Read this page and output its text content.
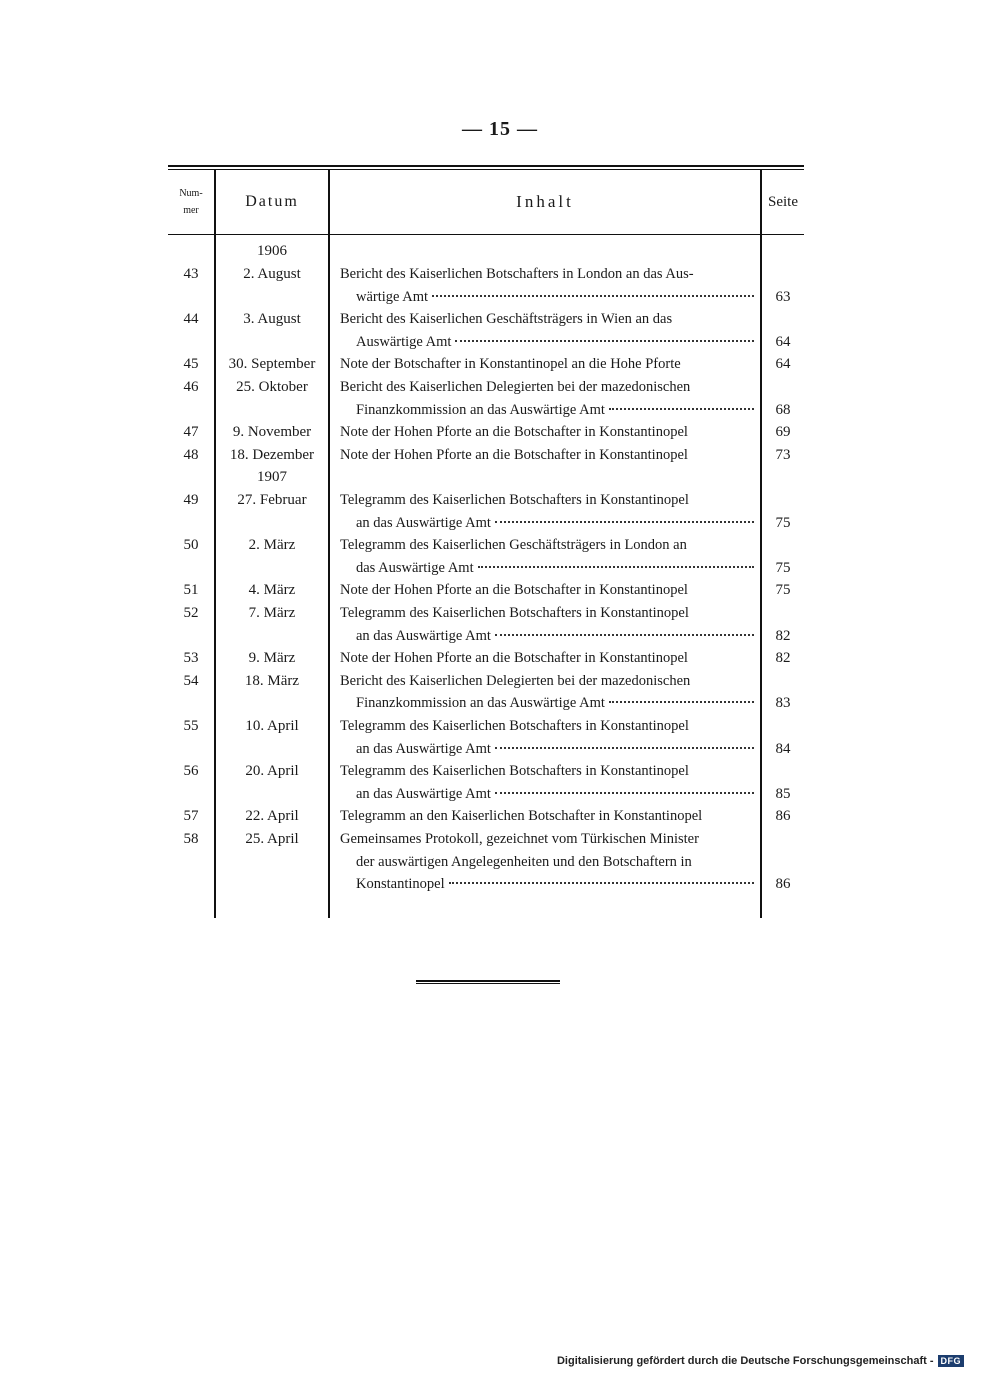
— 15 —
Num-
mer
Datum	Inhalt	Seite
1906
43	2. August	Bericht des Kaiserlichen Botschafters in London an das Aus-
wärtige Amt	63
44	3. August	Bericht des Kaiserlichen Geschäftsträgers in Wien an das
Auswärtige Amt	64
45	30. September	Note der Botschafter in Konstantinopel an die Hohe Pforte	64
46	25. Oktober	Bericht des Kaiserlichen Delegierten bei der mazedonischen
Finanzkommission an das Auswärtige Amt	68
47	9. November	Note der Hohen Pforte an die Botschafter in Konstantinopel	69
48	18. Dezember	Note der Hohen Pforte an die Botschafter in Konstantinopel	73
1907
49	27. Februar	Telegramm des Kaiserlichen Botschafters in Konstantinopel
an das Auswärtige Amt	75
50	2. März	Telegramm des Kaiserlichen Geschäftsträgers in London an
das Auswärtige Amt	75
51	4. März	Note der Hohen Pforte an die Botschafter in Konstantinopel	75
52	7. März	Telegramm des Kaiserlichen Botschafters in Konstantinopel
an das Auswärtige Amt	82
53	9. März	Note der Hohen Pforte an die Botschafter in Konstantinopel	82
54	18. März	Bericht des Kaiserlichen Delegierten bei der mazedonischen
Finanzkommission an das Auswärtige Amt	83
55	10. April	Telegramm des Kaiserlichen Botschafters in Konstantinopel
an das Auswärtige Amt	84
56	20. April	Telegramm des Kaiserlichen Botschafters in Konstantinopel
an das Auswärtige Amt	85
57	22. April	Telegramm an den Kaiserlichen Botschafter in Konstantinopel	86
58	25. April	Gemeinsames Protokoll, gezeichnet vom Türkischen Minister
der auswärtigen Angelegenheiten und den Botschaftern in
Konstantinopel	86
Digitalisierung gefördert durch die Deutsche Forschungsgemeinschaft - DFG
